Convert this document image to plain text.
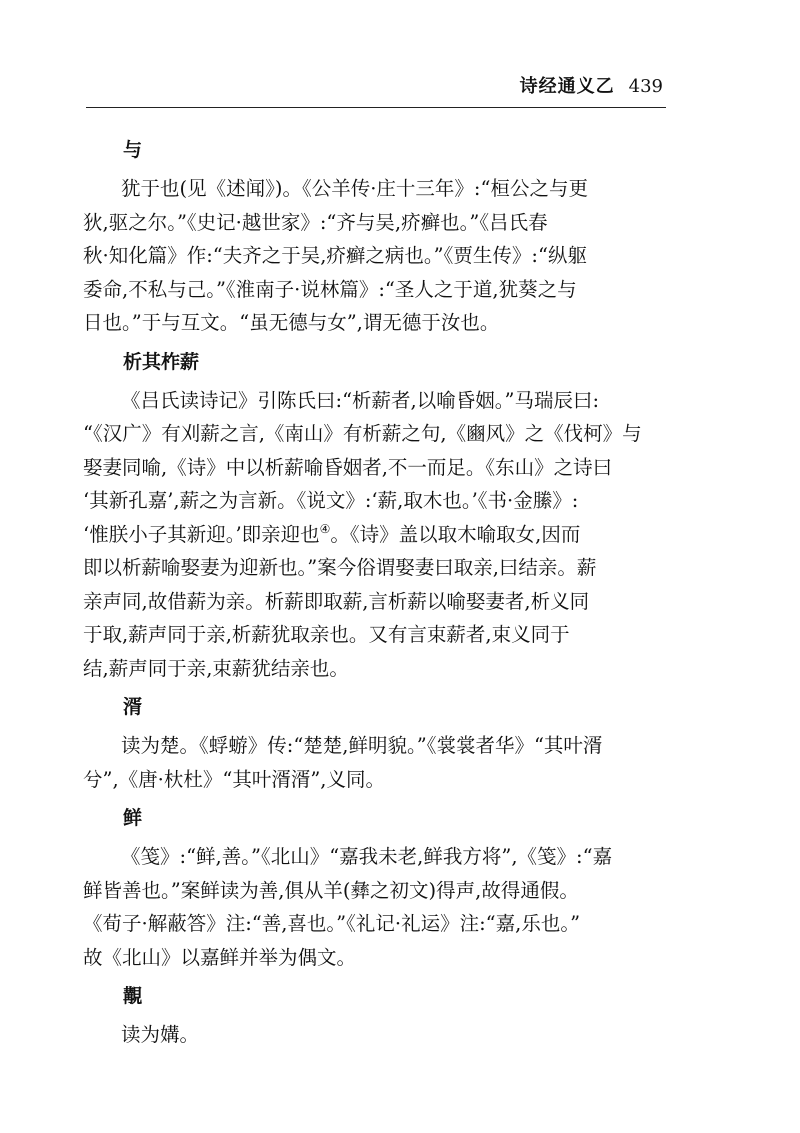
诗经通义乙 439

与

犹于也(见《述闻》)。《公羊传·庄十三年》:“桓公之与更

狄,驱之尔。”《史记·越世家》:“齐与吴,疥癣也。”《吕氏春

秋·知化篇》作:“夫齐之于吴,疥癣之病也。”《贾生传》:“纵躯

委命,不私与己。”《淮南子·说林篇》:“圣人之于道,犹葵之与

日也。”于与互文。“虽无德与女”,谓无德于汝也。

析其柞薪

《吕氏读诗记》引陈氏曰:“析薪者,以喻昏姻。”马瑞辰曰:

“《汉广》有刈薪之言,《南山》有析薪之句,《豳风》之《伐柯》与

娶妻同喻,《诗》中以析薪喻昏姻者,不一而足。《东山》之诗曰

‘其新孔嘉’,薪之为言新。《说文》:‘薪,取木也。’《书·金縢》:

‘惟朕小子其新迎。’即亲迎也④。《诗》盖以取木喻取女,因而

即以析薪喻娶妻为迎新也。”案今俗谓娶妻曰取亲,曰结亲。薪

亲声同,故借薪为亲。析薪即取薪,言析薪以喻娶妻者,析义同

于取,薪声同于亲,析薪犹取亲也。又有言束薪者,束义同于

结,薪声同于亲,束薪犹结亲也。

湑

读为楚。《蜉蝣》传:“楚楚,鲜明貌。”《裳裳者华》“其叶湑

兮”,《唐·杕杜》“其叶湑湑”,义同。

鲜

《笺》:“鲜,善。”《北山》“嘉我未老,鲜我方将”,《笺》:“嘉

鲜皆善也。”案鲜读为善,俱从羊(彝之初文)得声,故得通假。

《荀子·解蔽答》注:“善,喜也。”《礼记·礼运》注:“嘉,乐也。”

故《北山》以嘉鲜并举为偶文。

覯

读为媾。
